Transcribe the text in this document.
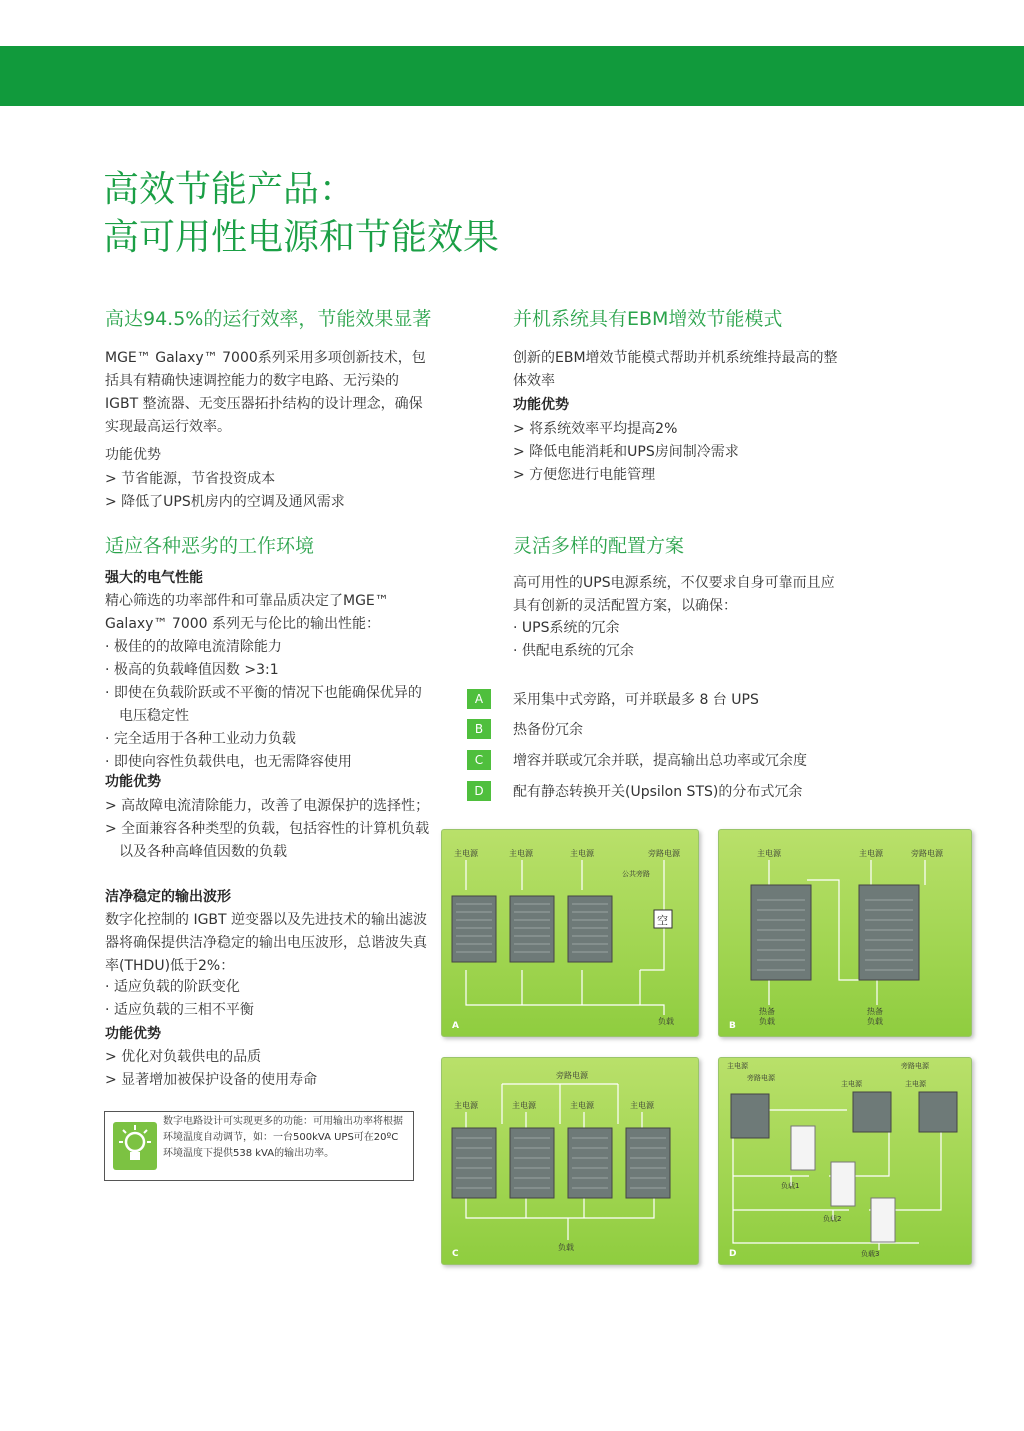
高效节能产品：
高可用性电源和节能效果
高达94.5%的运行效率，节能效果显著
MGE™ Galaxy™ 7000系列采用多项创新技术，包括具有精确快速调控能力的数字电路、无污染的 IGBT 整流器、无变压器拓扑结构的设计理念，确保实现最高运行效率。
功能优势
> 节省能源，节省投资成本
> 降低了UPS机房内的空调及通风需求
适应各种恶劣的工作环境
强大的电气性能
精心筛选的功率部件和可靠品质决定了MGE™ Galaxy™ 7000 系列无与伦比的输出性能：
· 极佳的的故障电流清除能力
· 极高的负载峰值因数 >3:1
· 即使在负载阶跃或不平衡的情况下也能确保优异的电压稳定性
· 完全适用于各种工业动力负载
· 即使向容性负载供电，也无需降容使用
功能优势
> 高故障电流清除能力，改善了电源保护的选择性；
> 全面兼容各种类型的负载，包括容性的计算机负载以及各种高峰值因数的负载
洁净稳定的输出波形
数字化控制的 IGBT 逆变器以及先进技术的输出滤波器将确保提供洁净稳定的输出电压波形，总谐波失真率(THDU)低于2%：
· 适应负载的阶跃变化
· 适应负载的三相不平衡
功能优势
> 优化对负载供电的品质
> 显著增加被保护设备的使用寿命
数字电路设计可实现更多的功能：可用输出功率将根据环境温度自动调节，如：一台500kVA UPS可在20ºC 环境温度下提供538 kVA的输出功率。
并机系统具有EBM增效节能模式
创新的EBM增效节能模式帮助并机系统维持最高的整体效率
功能优势
> 将系统效率平均提高2%
> 降低电能消耗和UPS房间制冷需求
> 方便您进行电能管理
灵活多样的配置方案
高可用性的UPS电源系统，不仅要求自身可靠而且应具有创新的灵活配置方案，以确保：
· UPS系统的冗余
· 供配电系统的冗余
A	采用集中式旁路，可并联最多 8 台 UPS
B	热备份冗余
C	增容并联或冗余并联，提高输出总功率或冗余度
D	配有静态转换开关(Upsilon STS)的分布式冗余
主电源	主电源	主电源	旁路电源
公共旁路
负载
空
A
主电源	主电源	旁路电源
热备
负载
热备
负载
B
旁路电源
主电源	主电源	主电源	主电源
负载
C
主电源
旁路电源
旁路电源
主电源	主电源
负载1
负载2
负载3
D
